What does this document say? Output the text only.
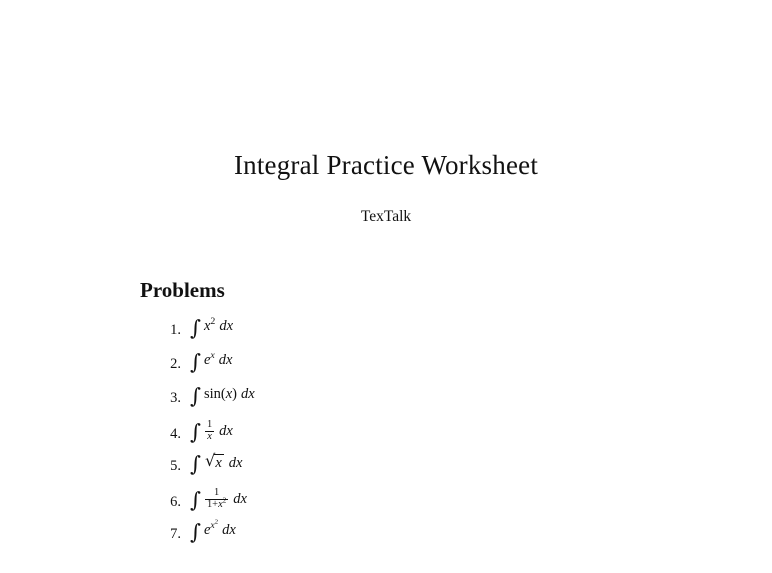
Integral Practice Worksheet
TexTalk
Problems
1. ∫ $x^2$ dx
2. ∫ $e^x$ dx
3. ∫ sin(x) dx
4. ∫ $\frac{1}{x}$ dx
5. ∫ √ x dx
6. ∫ $\frac{1}{1+x^2}$ dx
7. ∫ $e^{x^2}$ dx
